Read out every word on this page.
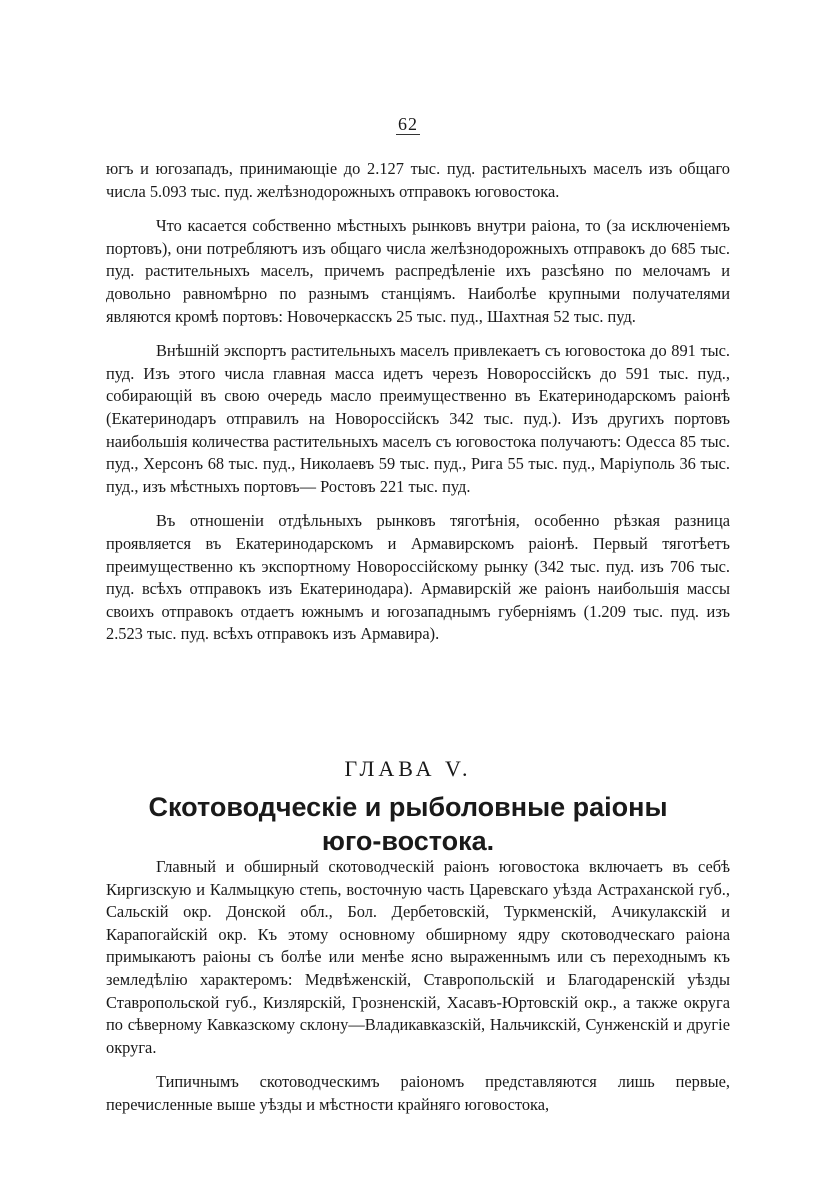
62

югъ и югозападъ, принимающіе до 2.127 тыс. пуд. растительныхъ маселъ изъ общаго числа 5.093 тыс. пуд. желѣзнодорожныхъ отправокъ юговостока.

Что касается собственно мѣстныхъ рынковъ внутри раіона, то (за исключеніемъ портовъ), они потребляютъ изъ общаго числа желѣзнодорожныхъ отправокъ до 685 тыс. пуд. растительныхъ маселъ, причемъ распредѣленіе ихъ разсѣяно по мелочамъ и довольно равномѣрно по разнымъ станціямъ. Наиболѣе крупными получателями являются кромѣ портовъ: Новочеркасскъ 25 тыс. пуд., Шахтная 52 тыс. пуд.

Внѣшній экспортъ растительныхъ маселъ привлекаетъ съ юговостока до 891 тыс. пуд. Изъ этого числа главная масса идетъ черезъ Новороссійскъ до 591 тыс. пуд., собирающій въ свою очередь масло преимущественно въ Екатеринодарскомъ раіонѣ (Екатеринодаръ отправилъ на Новороссійскъ 342 тыс. пуд.). Изъ другихъ портовъ наибольшія количества растительныхъ маселъ съ юговостока получаютъ: Одесса 85 тыс. пуд., Херсонъ 68 тыс. пуд., Николаевъ 59 тыс. пуд., Рига 55 тыс. пуд., Маріуполь 36 тыс. пуд., изъ мѣстныхъ портовъ— Ростовъ 221 тыс. пуд.

Въ отношеніи отдѣльныхъ рынковъ тяготѣнія, особенно рѣзкая разница проявляется въ Екатеринодарскомъ и Армавирскомъ раіонѣ. Первый тяготѣетъ преимущественно къ экспортному Новороссійскому рынку (342 тыс. пуд. изъ 706 тыс. пуд. всѣхъ отправокъ изъ Екатеринодара). Армавирскій же раіонъ наибольшія массы своихъ отправокъ отдаетъ южнымъ и югозападнымъ губерніямъ (1.209 тыс. пуд. изъ 2.523 тыс. пуд. всѣхъ отправокъ изъ Армавира).

ГЛАВА V.
Скотоводческіе и рыболовные раіоны
юго-востока.

Главный и обширный скотоводческій раіонъ юговостока включаетъ въ себѣ Киргизскую и Калмыцкую степь, восточную часть Царевскаго уѣзда Астраханской губ., Сальскій окр. Донской обл., Бол. Дербетовскій, Туркменскій, Ачикулакскій и Карапогайскій окр. Къ этому основному обширному ядру скотоводческаго раіона примыкаютъ раіоны съ болѣе или менѣе ясно выраженнымъ или съ переходнымъ къ земледѣлію характеромъ: Медвѣженскій, Ставропольскій и Благодаренскій уѣзды Ставропольской губ., Кизлярскій, Грозненскій, Хасавъ-Юртовскій окр., а также округа по сѣверному Кавказскому склону—Владикавказскій, Нальчикскій, Сунженскій и другіе округа.

Типичнымъ скотоводческимъ раіономъ представляются лишь первые, перечисленные выше уѣзды и мѣстности крайняго юговостока,
